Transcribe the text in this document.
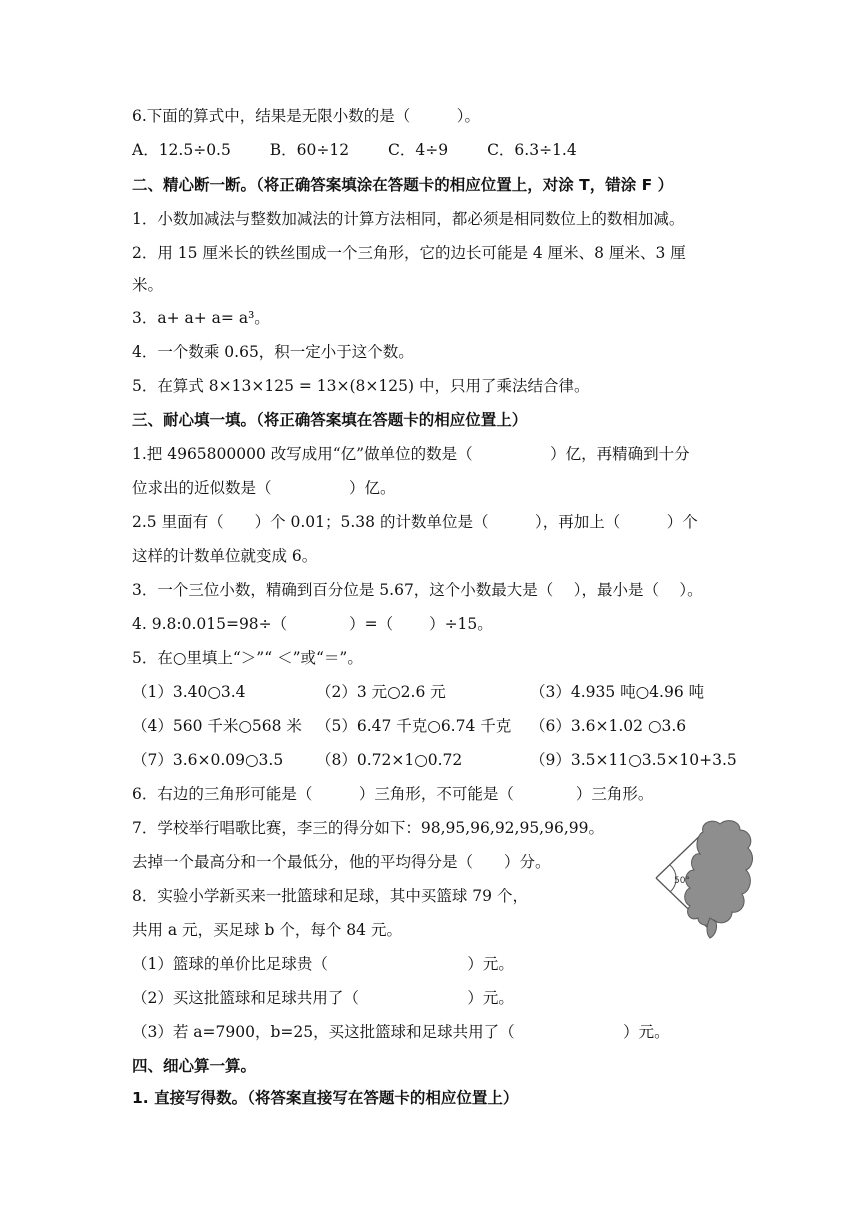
6.下面的算式中，结果是无限小数的是（　　　）。
A．12.5÷0.5	B．60÷12	C．4÷9	C．6.3÷1.4
二、精心断一断。（将正确答案填涂在答题卡的相应位置上，对涂 T，错涂 F ）
1．小数加减法与整数加减法的计算方法相同，都必须是相同数位上的数相加减。
2．用 15 厘米长的铁丝围成一个三角形，它的边长可能是 4 厘米、8 厘米、3 厘
米。
3．a+ a+ a= a³。
4．一个数乘 0.65，积一定小于这个数。
5．在算式 8×13×125 = 13×(8×125) 中，只用了乘法结合律。
三、耐心填一填。（将正确答案填在答题卡的相应位置上）
1.把 4965800000 改写成用“亿”做单位的数是（　　　　　）亿，再精确到十分
位求出的近似数是（　　　　　）亿。
2.5 里面有（　　）个 0.01；5.38 的计数单位是（　　　），再加上（　　　）个
这样的计数单位就变成 6。
3．一个三位小数，精确到百分位是 5.67，这个小数最大是（　 ），最小是（　 ）。
4. 9.8:0.015=98÷（　　　　）=（　　 ）÷15。
5．在○里填上“＞”“ ＜”或“＝”。
（1）3.40○3.4	（2）3 元○2.6 元	（3）4.935 吨○4.96 吨
（4）560 千米○568 米 （5）6.47 千克○6.74 千克 （6）3.6×1.02 ○3.6
（7）3.6×0.09○3.5 （8）0.72×1○0.72	（9）3.5×11○3.5×10+3.5
6．右边的三角形可能是（　　　）三角形，不可能是（　　　　）三角形。
7．学校举行唱歌比赛，李三的得分如下：98,95,96,92,95,96,99。
去掉一个最高分和一个最低分，他的平均得分是（　　）分。
8．实验小学新买来一批篮球和足球，其中买篮球 79 个，
共用 a 元，买足球 b 个，每个 84 元。
（1）篮球的单价比足球贵（　　　　　　　　　）元。
（2）买这批篮球和足球共用了（　　　　　　　）元。
（3）若 a=7900，b=25，买这批篮球和足球共用了（　　　　　　　）元。
50°
四、细心算一算。
1. 直接写得数。（将答案直接写在答题卡的相应位置上）
